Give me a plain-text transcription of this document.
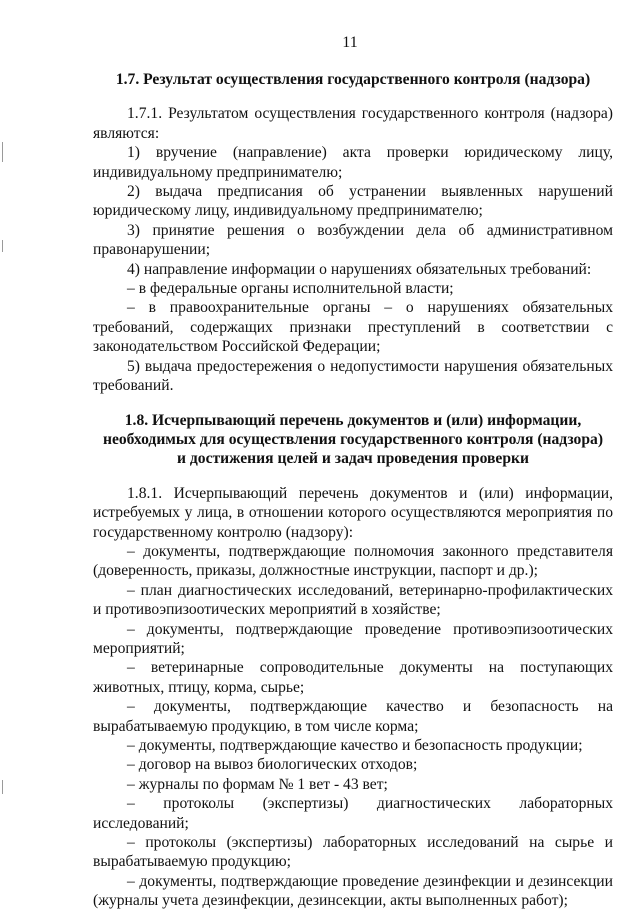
11
1.7. Результат осуществления государственного контроля (надзора)

1.7.1. Результатом осуществления государственного контроля (надзора) являются:

1) вручение (направление) акта проверки юридическому лицу, индивидуальному предпринимателю;

2) выдача предписания об устранении выявленных нарушений юридическому лицу, индивидуальному предпринимателю;

3) принятие решения о возбуждении дела об административном правонарушении;

4) направление информации о нарушениях обязательных требований:

– в федеральные органы исполнительной власти;

– в правоохранительные органы – о нарушениях обязательных требований, содержащих признаки преступлений в соответствии с законодательством Российской Федерации;

5) выдача предостережения о недопустимости нарушения обязательных требований.

1.8. Исчерпывающий перечень документов и (или) информации,
необходимых для осуществления государственного контроля (надзора)
и достижения целей и задач проведения проверки

1.8.1. Исчерпывающий перечень документов и (или) информации, истребуемых у лица, в отношении которого осуществляются мероприятия по государственному контролю (надзору):

– документы, подтверждающие полномочия законного представителя (доверенность, приказы, должностные инструкции, паспорт и др.);

– план диагностических исследований, ветеринарно-профилактических и противоэпизоотических мероприятий в хозяйстве;

– документы, подтверждающие проведение противоэпизоотических мероприятий;

– ветеринарные сопроводительные документы на поступающих животных, птицу, корма, сырье;

– документы, подтверждающие качество и безопасность на вырабатываемую продукцию, в том числе корма;

– документы, подтверждающие качество и безопасность продукции;

– договор на вывоз биологических отходов;

– журналы по формам № 1 вет - 43 вет;

– протоколы (экспертизы) диагностических лабораторных исследований;

– протоколы (экспертизы) лабораторных исследований на сырье и вырабатываемую продукцию;

– документы, подтверждающие проведение дезинфекции и дезинсекции (журналы учета дезинфекции, дезинсекции, акты выполненных работ);
